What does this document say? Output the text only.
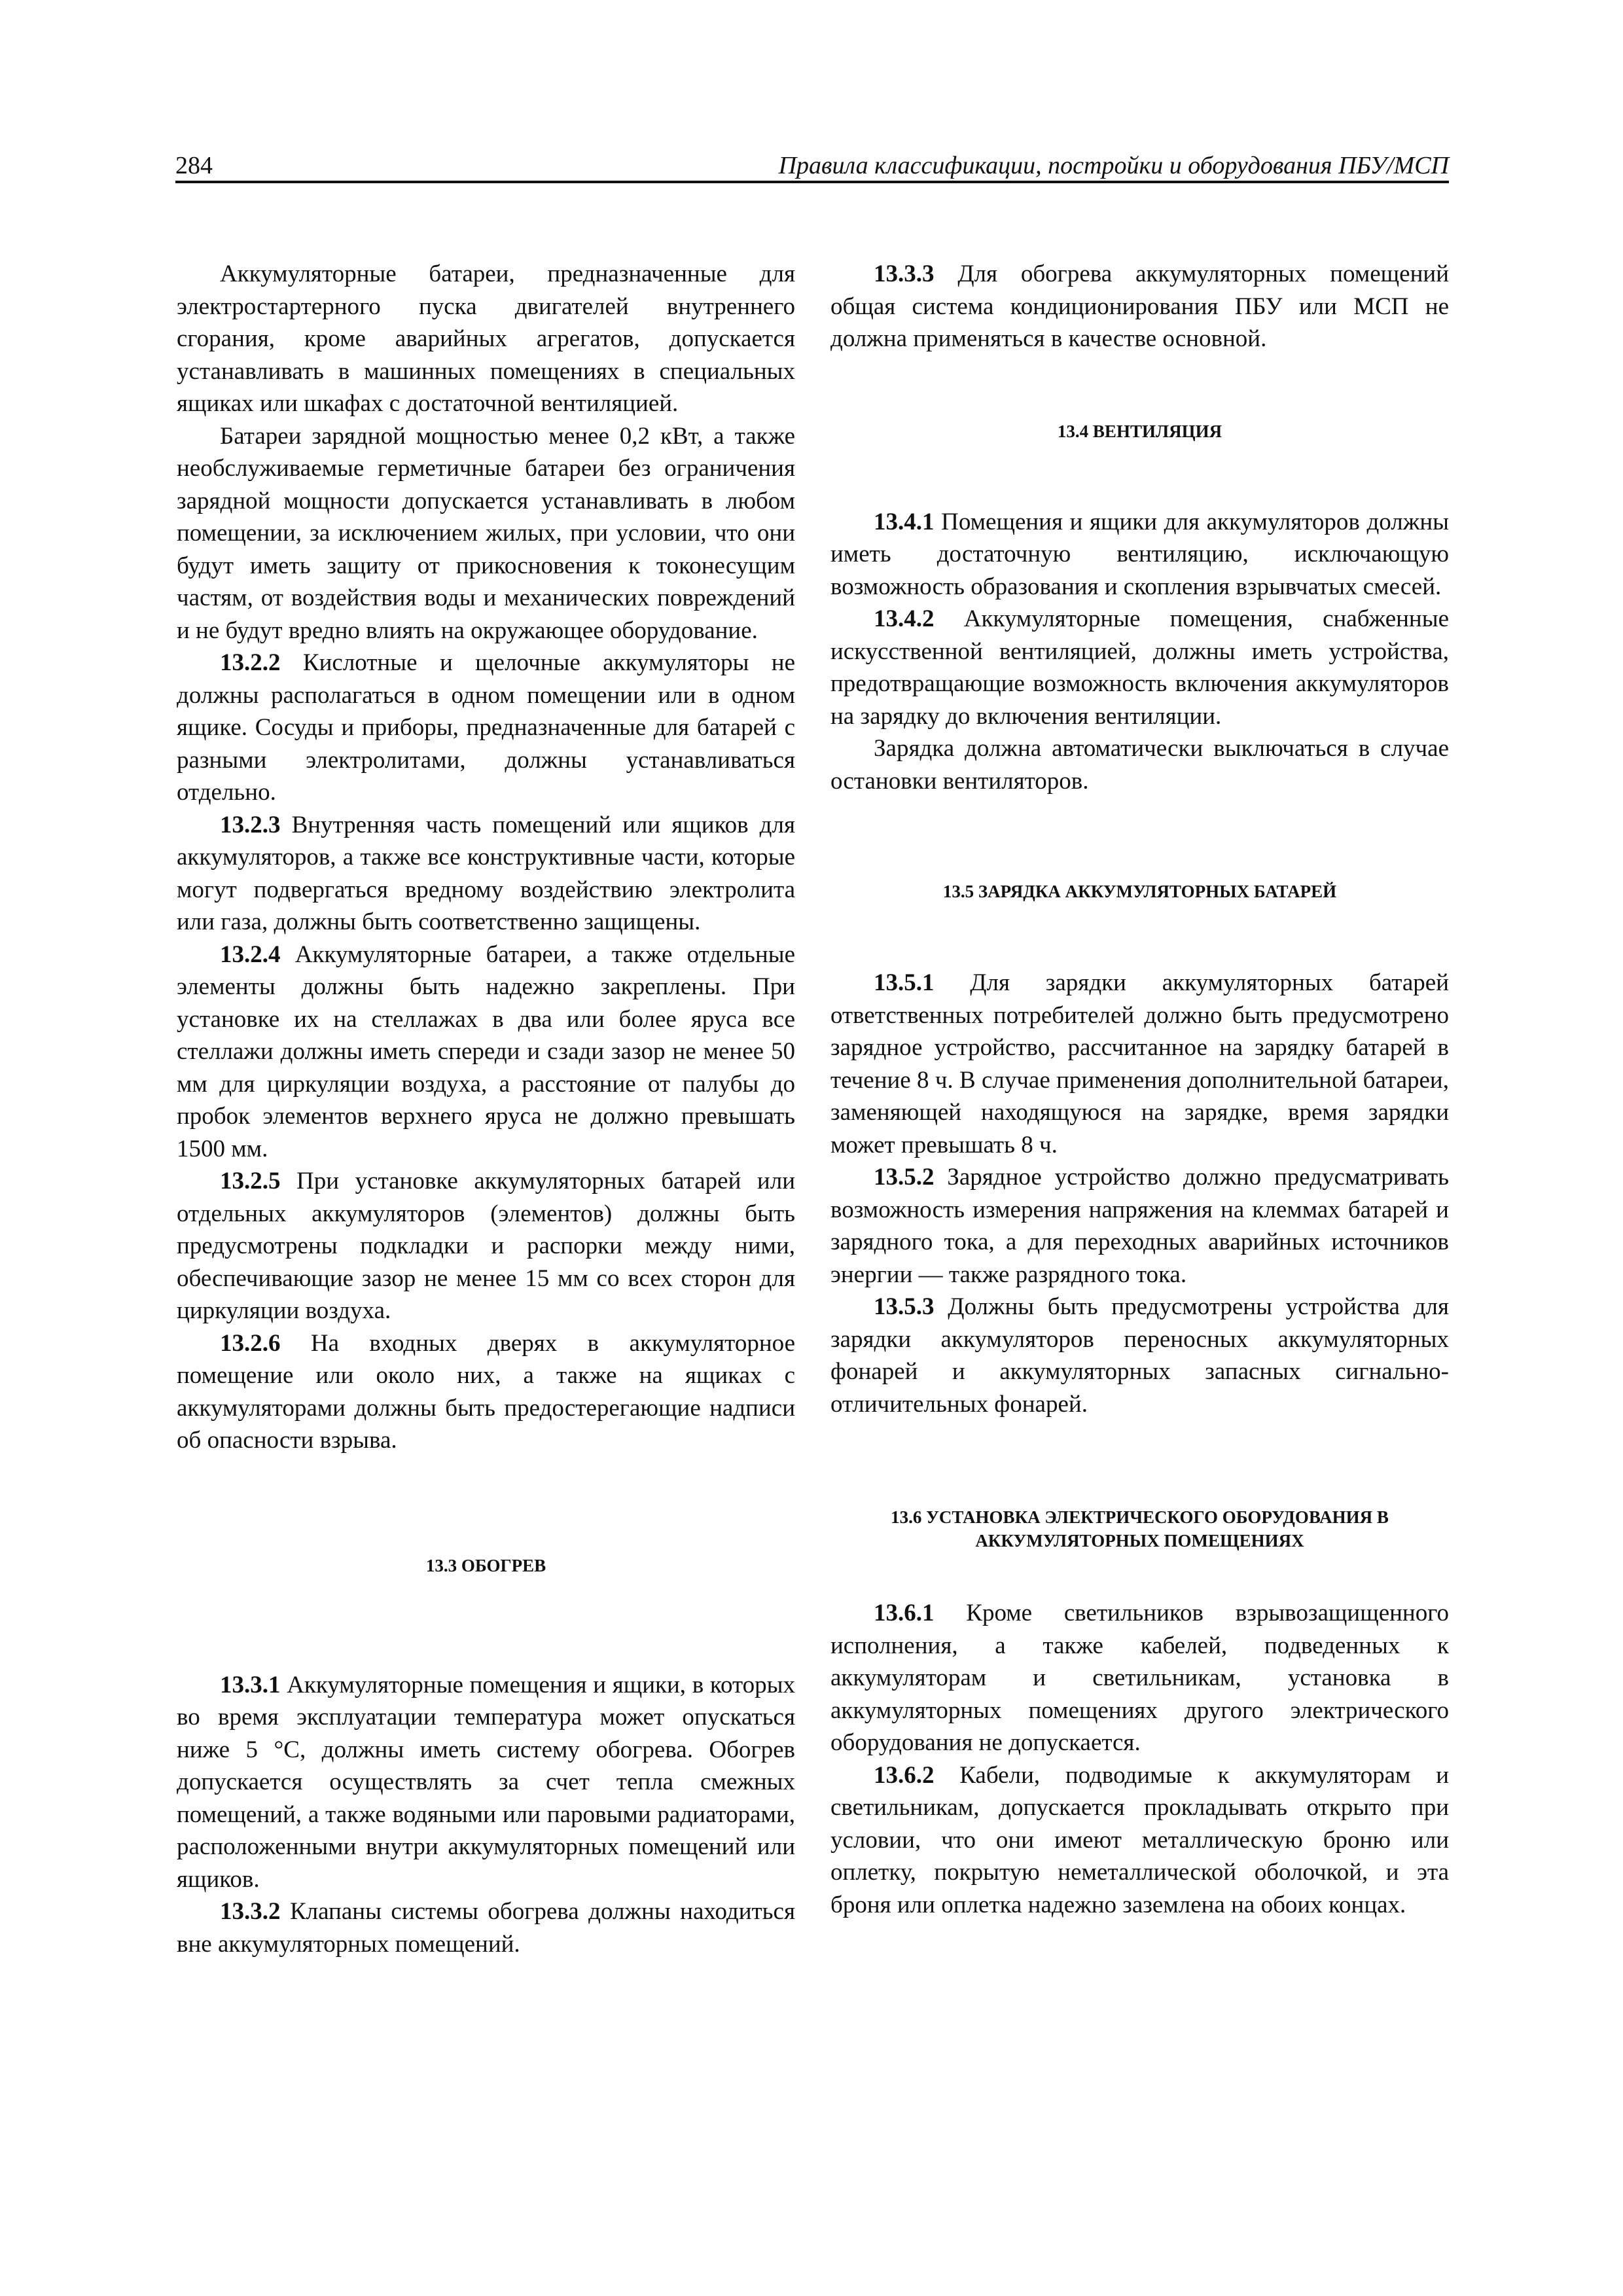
284	Правила классификации, постройки и оборудования ПБУ/МСП

Аккумуляторные батареи, предназначенные для электростартерного пуска двигателей внутреннего сгорания, кроме аварийных агрегатов, допускается устанавливать в машинных помещениях в специальных ящиках или шкафах с достаточной вентиляцией.

Батареи зарядной мощностью менее 0,2 кВт, а также необслуживаемые герметичные батареи без ограничения зарядной мощности допускается устанавливать в любом помещении, за исключением жилых, при условии, что они будут иметь защиту от прикосновения к токонесущим частям, от воздействия воды и механических повреждений и не будут вредно влиять на окружающее оборудование.

13.2.2 Кислотные и щелочные аккумуляторы не должны располагаться в одном помещении или в одном ящике. Сосуды и приборы, предназначенные для батарей с разными электролитами, должны устанавливаться отдельно.

13.2.3 Внутренняя часть помещений или ящиков для аккумуляторов, а также все конструктивные части, которые могут подвергаться вредному воздействию электролита или газа, должны быть соответственно защищены.

13.2.4 Аккумуляторные батареи, а также отдельные элементы должны быть надежно закреплены. При установке их на стеллажах в два или более яруса все стеллажи должны иметь спереди и сзади зазор не менее 50 мм для циркуляции воздуха, а расстояние от палубы до пробок элементов верхнего яруса не должно превышать 1500 мм.

13.2.5 При установке аккумуляторных батарей или отдельных аккумуляторов (элементов) должны быть предусмотрены подкладки и распорки между ними, обеспечивающие зазор не менее 15 мм со всех сторон для циркуляции воздуха.

13.2.6 На входных дверях в аккумуляторное помещение или около них, а также на ящиках с аккумуляторами должны быть предостерегающие надписи об опасности взрыва.

13.3 ОБОГРЕВ

13.3.1 Аккумуляторные помещения и ящики, в которых во время эксплуатации температура может опускаться ниже 5 °С, должны иметь систему обогрева. Обогрев допускается осуществлять за счет тепла смежных помещений, а также водяными или паровыми радиаторами, расположенными внутри аккумуляторных помещений или ящиков.

13.3.2 Клапаны системы обогрева должны находиться вне аккумуляторных помещений.

13.3.3 Для обогрева аккумуляторных помещений общая система кондиционирования ПБУ или МСП не должна применяться в качестве основной.

13.4 ВЕНТИЛЯЦИЯ

13.4.1 Помещения и ящики для аккумуляторов должны иметь достаточную вентиляцию, исключающую возможность образования и скопления взрывчатых смесей.

13.4.2 Аккумуляторные помещения, снабженные искусственной вентиляцией, должны иметь устройства, предотвращающие возможность включения аккумуляторов на зарядку до включения вентиляции.

Зарядка должна автоматически выключаться в случае остановки вентиляторов.

13.5 ЗАРЯДКА АККУМУЛЯТОРНЫХ БАТАРЕЙ

13.5.1 Для зарядки аккумуляторных батарей ответственных потребителей должно быть предусмотрено зарядное устройство, рассчитанное на зарядку батарей в течение 8 ч. В случае применения дополнительной батареи, заменяющей находящуюся на зарядке, время зарядки может превышать 8 ч.

13.5.2 Зарядное устройство должно предусматривать возможность измерения напряжения на клеммах батарей и зарядного тока, а для переходных аварийных источников энергии — также разрядного тока.

13.5.3 Должны быть предусмотрены устройства для зарядки аккумуляторов переносных аккумуляторных фонарей и аккумуляторных запасных сигнально-отличительных фонарей.

13.6 УСТАНОВКА ЭЛЕКТРИЧЕСКОГО ОБОРУДОВАНИЯ В АККУМУЛЯТОРНЫХ ПОМЕЩЕНИЯХ

13.6.1 Кроме светильников взрывозащищенного исполнения, а также кабелей, подведенных к аккумуляторам и светильникам, установка в аккумуляторных помещениях другого электрического оборудования не допускается.

13.6.2 Кабели, подводимые к аккумуляторам и светильникам, допускается прокладывать открыто при условии, что они имеют металлическую броню или оплетку, покрытую неметаллической оболочкой, и эта броня или оплетка надежно заземлена на обоих концах.
